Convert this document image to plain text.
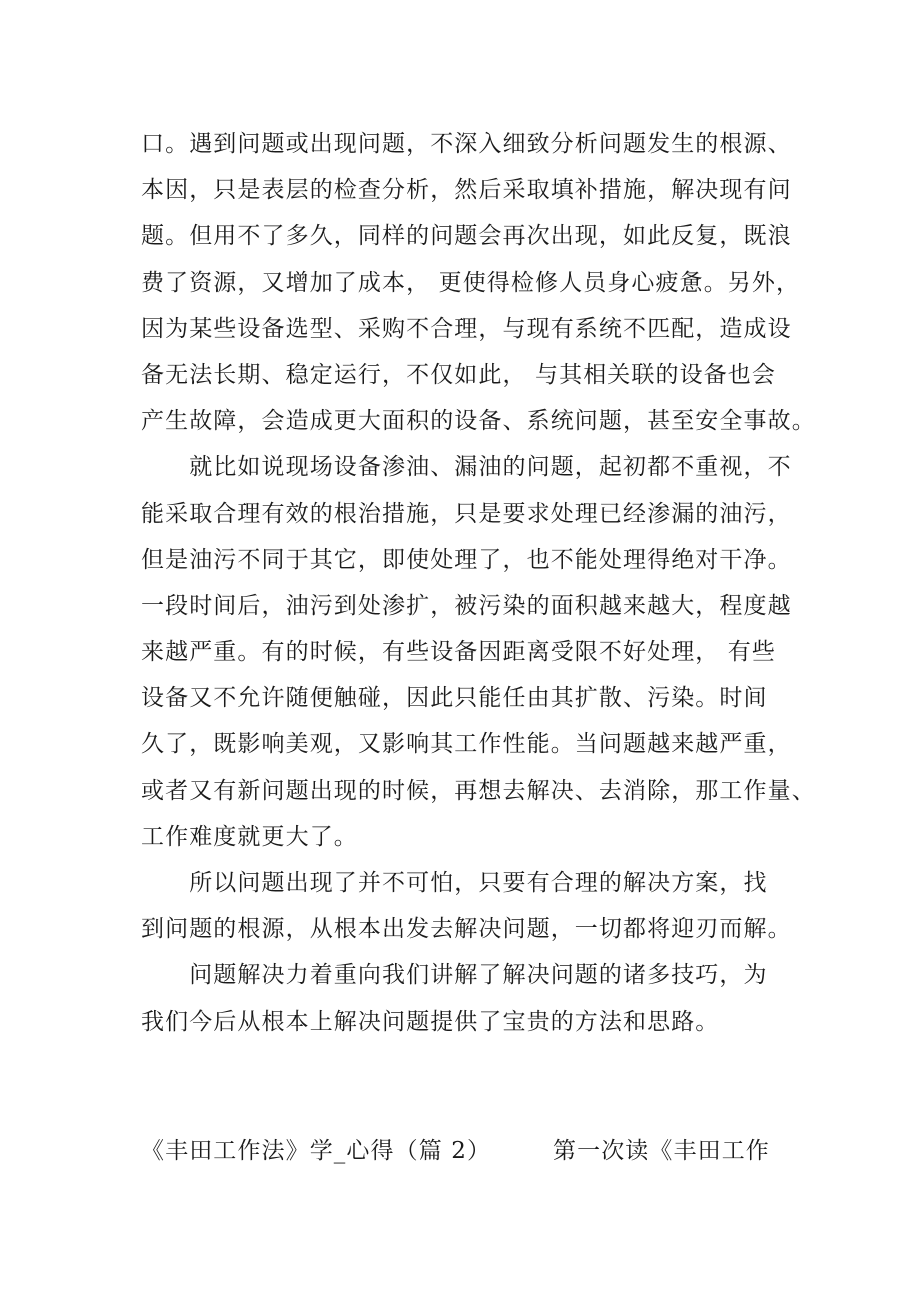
口。遇到问题或出现问题，不深入细致分析问题发生的根源、
本因，只是表层的检查分析，然后采取填补措施，解决现有问
题。但用不了多久，同样的问题会再次出现，如此反复，既浪
费了资源，又增加了成本， 更使得检修人员身心疲惫。另外，
因为某些设备选型、采购不合理，与现有系统不匹配，造成设
备无法长期、稳定运行，不仅如此， 与其相关联的设备也会
产生故障，会造成更大面积的设备、系统问题，甚至安全事故。
　　就比如说现场设备渗油、漏油的问题，起初都不重视，不
能采取合理有效的根治措施，只是要求处理已经渗漏的油污，
但是油污不同于其它，即使处理了，也不能处理得绝对干净。
一段时间后，油污到处渗扩，被污染的面积越来越大，程度越
来越严重。有的时候，有些设备因距离受限不好处理， 有些
设备又不允许随便触碰，因此只能任由其扩散、污染。时间
久了，既影响美观，又影响其工作性能。当问题越来越严重，
或者又有新问题出现的时候，再想去解决、去消除，那工作量、
工作难度就更大了。
　　所以问题出现了并不可怕，只要有合理的解决方案，找
到问题的根源，从根本出发去解决问题，一切都将迎刃而解。
　　问题解决力着重向我们讲解了解决问题的诸多技巧，为
我们今后从根本上解决问题提供了宝贵的方法和思路。
《丰田工作法》学_心得（篇 2）	第一次读《丰田工作
